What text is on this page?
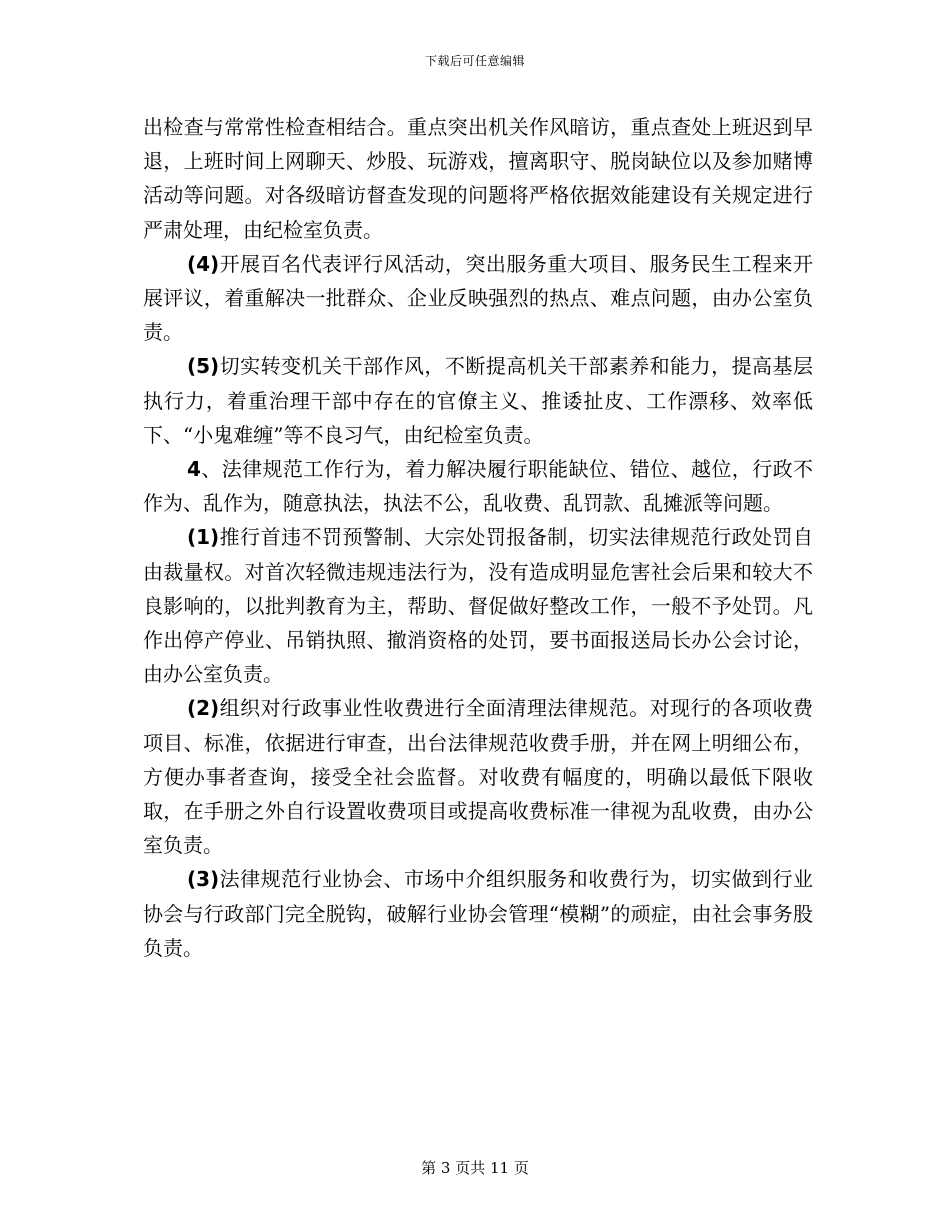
下载后可任意编辑

出检查与常常性检查相结合。重点突出机关作风暗访，重点查处上班迟到早退，上班时间上网聊天、炒股、玩游戏，擅离职守、脱岗缺位以及参加赌博活动等问题。对各级暗访督查发现的问题将严格依据效能建设有关规定进行严肃处理，由纪检室负责。

(4)开展百名代表评行风活动，突出服务重大项目、服务民生工程来开展评议，着重解决一批群众、企业反映强烈的热点、难点问题，由办公室负责。

(5)切实转变机关干部作风，不断提高机关干部素养和能力，提高基层执行力，着重治理干部中存在的官僚主义、推诿扯皮、工作漂移、效率低下、“小鬼难缠”等不良习气，由纪检室负责。

4、法律规范工作行为，着力解决履行职能缺位、错位、越位，行政不作为、乱作为，随意执法，执法不公，乱收费、乱罚款、乱摊派等问题。

(1)推行首违不罚预警制、大宗处罚报备制，切实法律规范行政处罚自由裁量权。对首次轻微违规违法行为，没有造成明显危害社会后果和较大不良影响的，以批判教育为主，帮助、督促做好整改工作，一般不予处罚。凡作出停产停业、吊销执照、撤消资格的处罚，要书面报送局长办公会讨论，由办公室负责。

(2)组织对行政事业性收费进行全面清理法律规范。对现行的各项收费项目、标准，依据进行审查，出台法律规范收费手册，并在网上明细公布，方便办事者查询，接受全社会监督。对收费有幅度的，明确以最低下限收取，在手册之外自行设置收费项目或提高收费标准一律视为乱收费，由办公室负责。

(3)法律规范行业协会、市场中介组织服务和收费行为，切实做到行业协会与行政部门完全脱钩，破解行业协会管理“模糊”的顽症，由社会事务股负责。

第 3 页共 11 页
